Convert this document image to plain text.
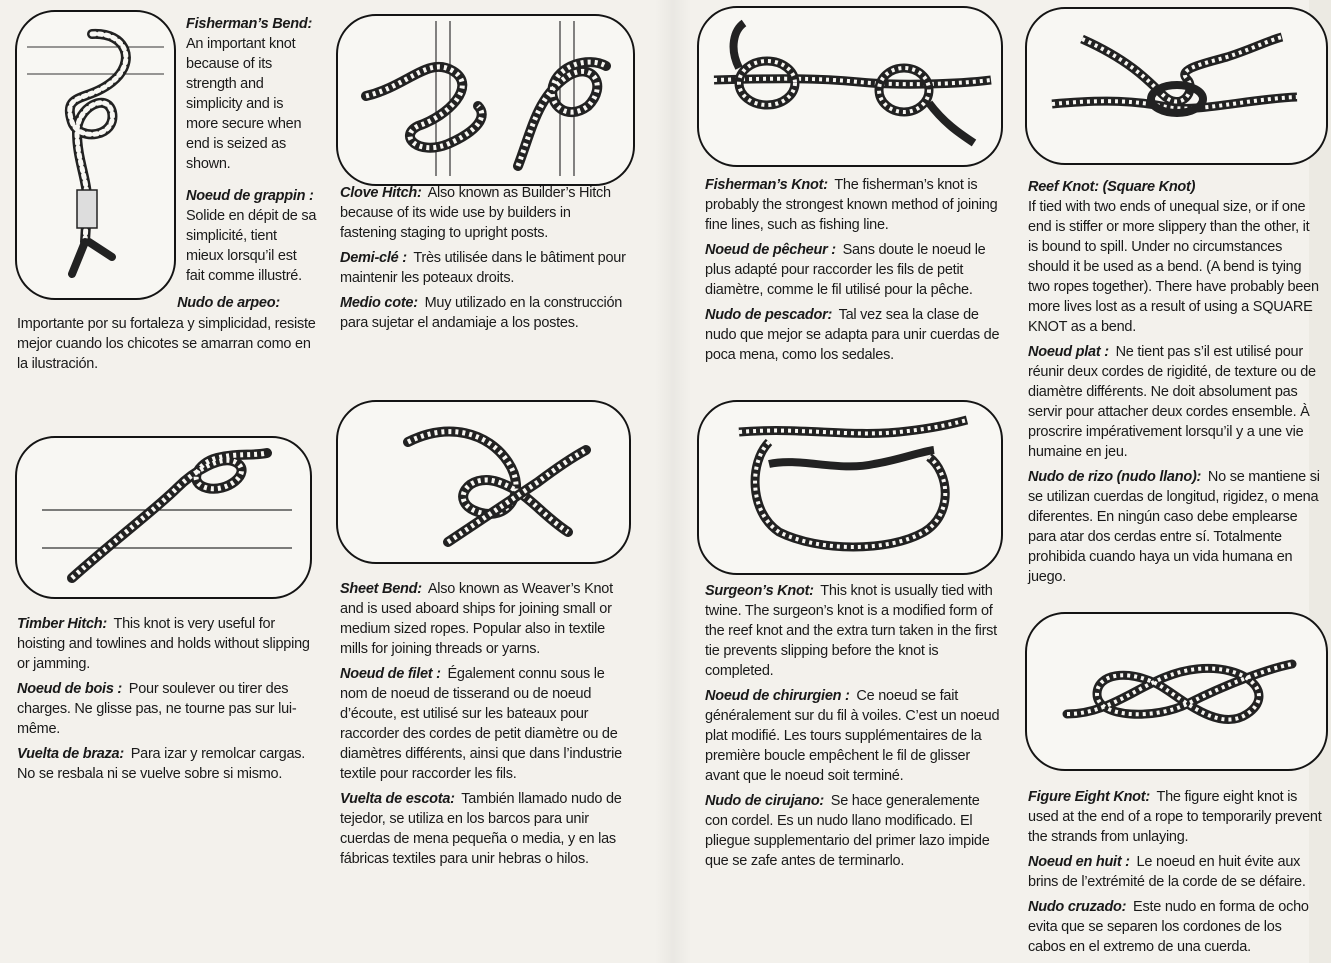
Fisherman’s Bend:
An important knot because of its strength and simplicity and is more secure when end is seized as shown.

Noeud de grappin :
Solide en dépit de sa simplicité, tient mieux lorsqu’il est fait comme illustré.

Nudo de arpeo:
Importante por su fortaleza y simplicidad, resiste mejor cuando los chicotes se amarran como en la ilustración.

Clove Hitch: Also known as Builder’s Hitch because of its wide use by builders in fastening staging to upright posts.

Demi-clé : Très utilisée dans le bâtiment pour maintenir les poteaux droits.

Medio cote: Muy utilizado en la construcción para sujetar el andamiaje a los postes.

Fisherman’s Knot: The fisherman’s knot is probably the strongest known method of joining fine lines, such as fishing line.

Noeud de pêcheur : Sans doute le noeud le plus adapté pour raccorder les fils de petit diamètre, comme le fil utilisé pour la pêche.

Nudo de pescador: Tal vez sea la clase de nudo que mejor se adapta para unir cuerdas de poca mena, como los sedales.

Reef Knot: (Square Knot)
If tied with two ends of unequal size, or if one end is stiffer or more slippery than the other, it is bound to spill. Under no circumstances should it be used as a bend. (A bend is tying two ropes together). There have probably been more lives lost as a result of using a SQUARE KNOT as a bend.

Noeud plat : Ne tient pas s’il est utilisé pour réunir deux cordes de rigidité, de texture ou de diamètre différents. Ne doit absolument pas servir pour attacher deux cordes ensemble. À proscrire impérativement lorsqu’il y a une vie humaine en jeu.

Nudo de rizo (nudo llano): No se mantiene si se utilizan cuerdas de longitud, rigidez, o mena diferentes. En ningún caso debe emplearse para atar dos cerdas entre sí. Totalmente prohibida cuando haya un vida humana en juego.

Timber Hitch: This knot is very useful for hoisting and towlines and holds without slipping or jamming.

Noeud de bois : Pour soulever ou tirer des charges. Ne glisse pas, ne tourne pas sur lui-même.

Vuelta de braza: Para izar y remolcar cargas. No se resbala ni se vuelve sobre si mismo.

Sheet Bend: Also known as Weaver’s Knot and is used aboard ships for joining small or medium sized ropes. Popular also in textile mills for joining threads or yarns.

Noeud de filet : Également connu sous le nom de noeud de tisserand ou de noeud d’écoute, est utilisé sur les bateaux pour raccorder des cordes de petit diamètre ou de diamètres différents, ainsi que dans l’industrie textile pour raccorder les fils.

Vuelta de escota: También llamado nudo de tejedor, se utiliza en los barcos para unir cuerdas de mena pequeña o media, y en las fábricas textiles para unir hebras o hilos.

Surgeon’s Knot: This knot is usually tied with twine. The surgeon’s knot is a modified form of the reef knot and the extra turn taken in the first tie prevents slipping before the knot is completed.

Noeud de chirurgien : Ce noeud se fait généralement sur du fil à voiles. C’est un noeud plat modifié. Les tours supplémentaires de la première boucle empêchent le fil de glisser avant que le noeud soit terminé.

Nudo de cirujano: Se hace generalemente con cordel. Es un nudo llano modificado. El pliegue supplementario del primer lazo impide que se zafe antes de terminarlo.

Figure Eight Knot: The figure eight knot is used at the end of a rope to temporarily prevent the strands from unlaying.

Noeud en huit : Le noeud en huit évite aux brins de l’extrémité de la corde de se défaire.

Nudo cruzado: Este nudo en forma de ocho evita que se separen los cordones de los cabos en el extremo de una cuerda.
